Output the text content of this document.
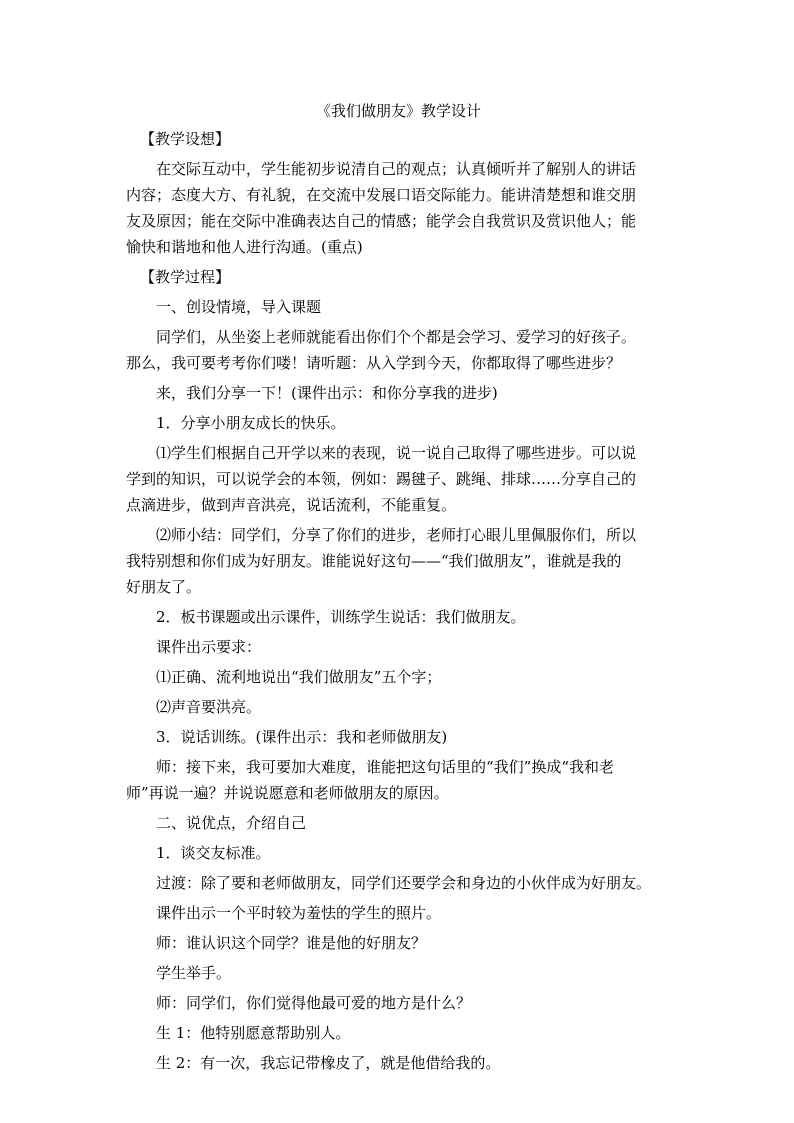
《我们做朋友》教学设计
【教学设想】
在交际互动中，学生能初步说清自己的观点；认真倾听并了解别人的讲话
内容；态度大方、有礼貌，在交流中发展口语交际能力。能讲清楚想和谁交朋
友及原因；能在交际中准确表达自己的情感；能学会自我赏识及赏识他人；能
愉快和谐地和他人进行沟通。(重点)
【教学过程】
一、创设情境，导入课题
同学们，从坐姿上老师就能看出你们个个都是会学习、爱学习的好孩子。
那么，我可要考考你们喽！请听题：从入学到今天，你都取得了哪些进步？
来，我们分享一下！(课件出示：和你分享我的进步)
1．分享小朋友成长的快乐。
⑴学生们根据自己开学以来的表现，说一说自己取得了哪些进步。可以说
学到的知识，可以说学会的本领，例如：踢毽子、跳绳、排球……分享自己的
点滴进步，做到声音洪亮，说话流利，不能重复。
⑵师小结：同学们，分享了你们的进步，老师打心眼儿里佩服你们，所以
我特别想和你们成为好朋友。谁能说好这句——“我们做朋友”，谁就是我的
好朋友了。
2．板书课题或出示课件，训练学生说话：我们做朋友。
课件出示要求：
⑴正确、流利地说出“我们做朋友”五个字；
⑵声音要洪亮。
3．说话训练。(课件出示：我和老师做朋友)
师：接下来，我可要加大难度，谁能把这句话里的“我们”换成“我和老
师”再说一遍？并说说愿意和老师做朋友的原因。
二、说优点，介绍自己
1．谈交友标准。
过渡：除了要和老师做朋友，同学们还要学会和身边的小伙伴成为好朋友。
课件出示一个平时较为羞怯的学生的照片。
师：谁认识这个同学？谁是他的好朋友？
学生举手。
师：同学们，你们觉得他最可爱的地方是什么？
生 1：他特别愿意帮助别人。
生 2：有一次，我忘记带橡皮了，就是他借给我的。
